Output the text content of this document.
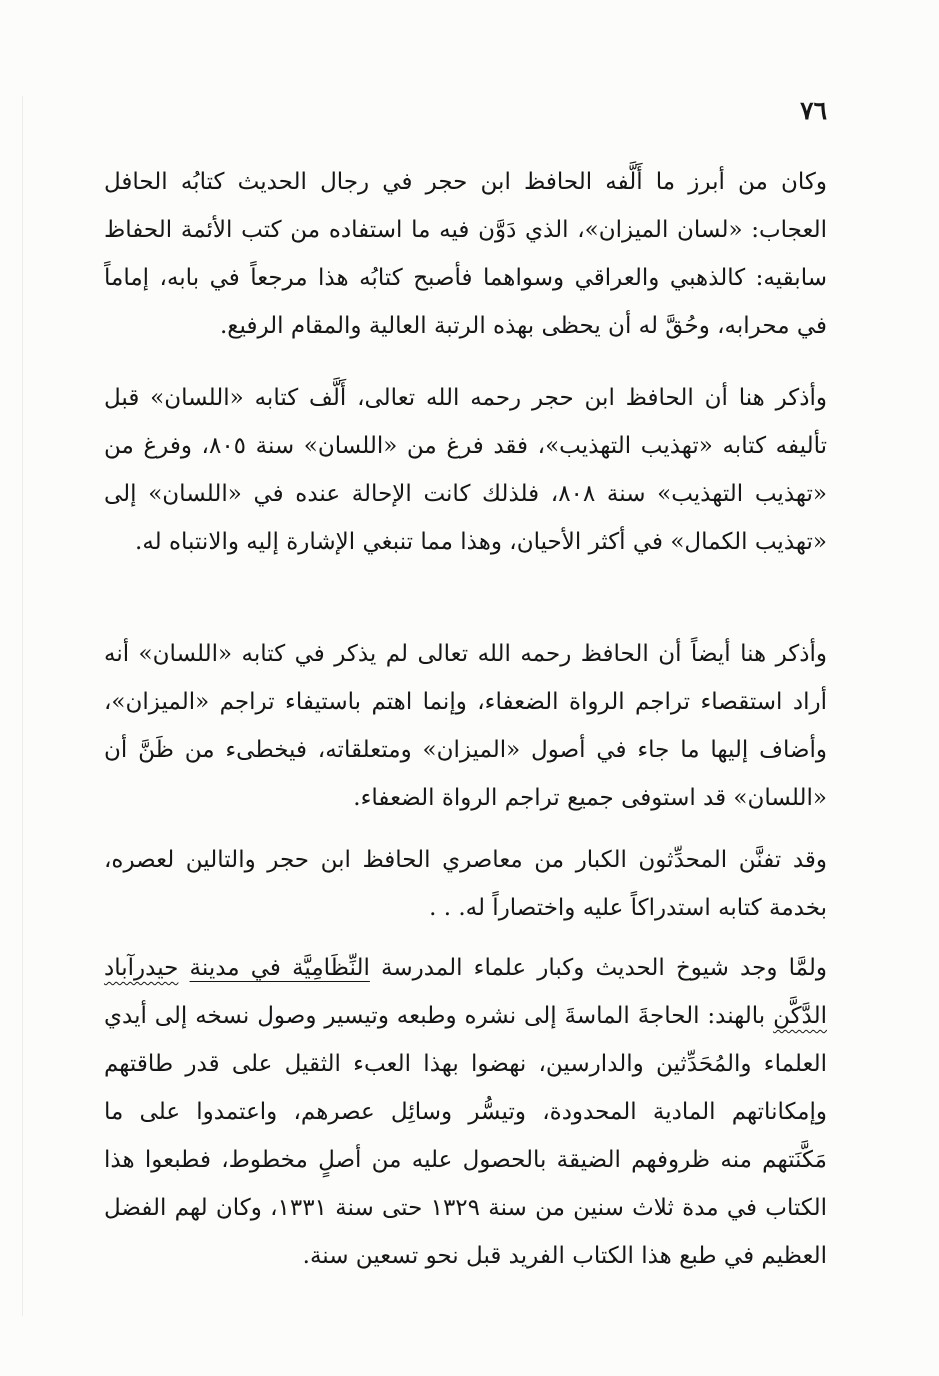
٧٦

وكان من أبرز ما أَلَّفه الحافظ ابن حجر في رجال الحديث كتابُه الحافل العجاب: «لسان الميزان»، الذي دَوَّن فيه ما استفاده من كتب الأئمة الحفاظ سابقيه: كالذهبي والعراقي وسواهما فأصبح كتابُه هذا مرجعاً في بابه، إماماً في محرابه، وحُقَّ له أن يحظى بهذه الرتبة العالية والمقام الرفيع.

وأذكر هنا أن الحافظ ابن حجر رحمه الله تعالى، أَلَّف كتابه «اللسان» قبل تأليفه كتابه «تهذيب التهذيب»، فقد فرغ من «اللسان» سنة ٨٠٥، وفرغ من «تهذيب التهذيب» سنة ٨٠٨، فلذلك كانت الإحالة عنده في «اللسان» إلى «تهذيب الكمال» في أكثر الأحيان، وهذا مما تنبغي الإشارة إليه والانتباه له.

وأذكر هنا أيضاً أن الحافظ رحمه الله تعالى لم يذكر في كتابه «اللسان» أنه أراد استقصاء تراجم الرواة الضعفاء، وإنما اهتم باستيفاء تراجم «الميزان»، وأضاف إليها ما جاء في أصول «الميزان» ومتعلقاته، فيخطىء من ظَنَّ أن «اللسان» قد استوفى جميع تراجم الرواة الضعفاء.

وقد تفنَّن المحدِّثون الكبار من معاصري الحافظ ابن حجر والتالين لعصره، بخدمة كتابه استدراكاً عليه واختصاراً له. . .

ولمَّا وجد شيوخ الحديث وكبار علماء المدرسة النِّظَامِيَّة في مدينة حيدرآباد الدَّكَّن بالهند: الحاجةَ الماسةَ إلى نشره وطبعه وتيسير وصول نسخه إلى أيدي العلماء والمُحَدِّثين والدارسين، نهضوا بهذا العبء الثقيل على قدر طاقتهم وإمكاناتهم المادية المحدودة، وتيسُّر وسائِل عصرهم، واعتمدوا على ما مَكَّنَتهم منه ظروفهم الضيقة بالحصول عليه من أصلٍ مخطوط، فطبعوا هذا الكتاب في مدة ثلاث سنين من سنة ١٣٢٩ حتى سنة ١٣٣١، وكان لهم الفضل العظيم في طبع هذا الكتاب الفريد قبل نحو تسعين سنة.
